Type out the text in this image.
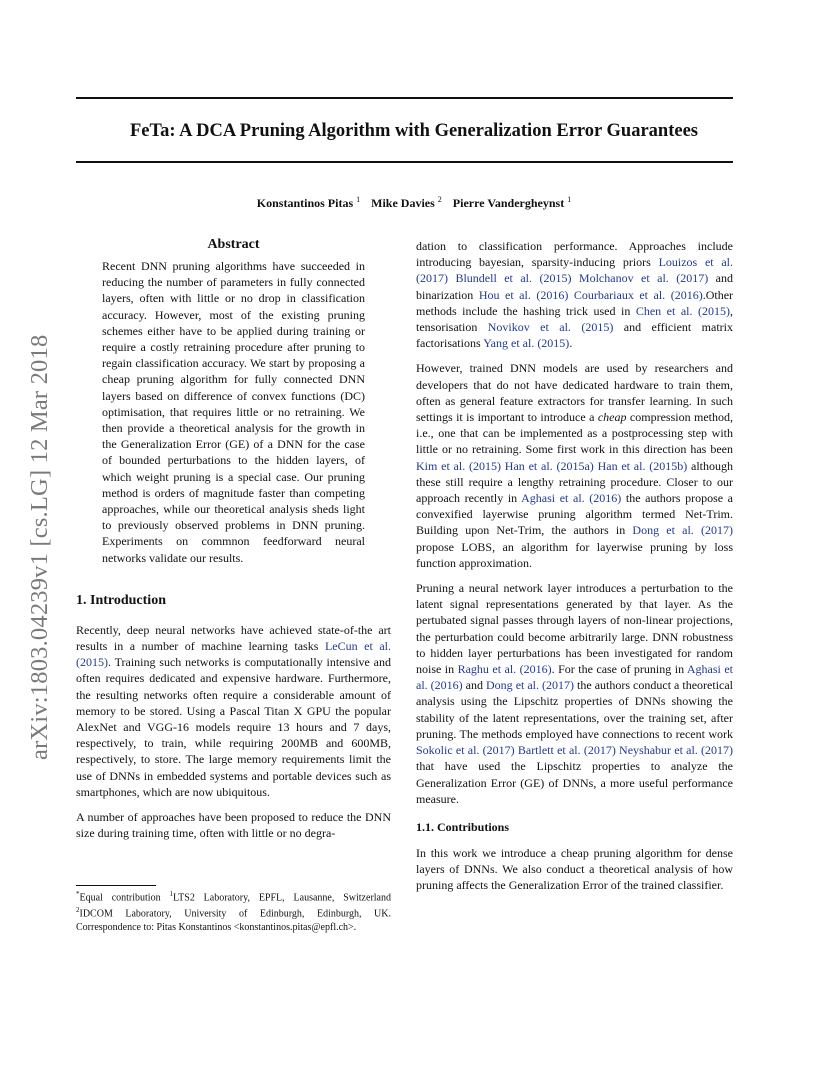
FeTa: A DCA Pruning Algorithm with Generalization Error Guarantees
Konstantinos Pitas $^1$ Mike Davies $^2$ Pierre Vandergheynst $^1$
arXiv:1803.04239v1 [cs.LG] 12 Mar 2018
Abstract

Recent DNN pruning algorithms have succeeded in reducing the number of parameters in fully connected layers, often with little or no drop in classification accuracy. However, most of the existing pruning schemes either have to be applied during training or require a costly retraining procedure after pruning to regain classification accuracy. We start by proposing a cheap pruning algorithm for fully connected DNN layers based on difference of convex functions (DC) optimisation, that requires little or no retraining. We then provide a theoretical analysis for the growth in the Generalization Error (GE) of a DNN for the case of bounded perturbations to the hidden layers, of which weight pruning is a special case. Our pruning method is orders of magnitude faster than competing approaches, while our theoretical analysis sheds light to previously observed problems in DNN pruning. Experiments on commnon feedforward neural networks validate our results.

1. Introduction

Recently, deep neural networks have achieved state-of-the art results in a number of machine learning tasks LeCun et al. (2015). Training such networks is computationally intensive and often requires dedicated and expensive hardware. Furthermore, the resulting networks often require a considerable amount of memory to be stored. Using a Pascal Titan X GPU the popular AlexNet and VGG-16 models require 13 hours and 7 days, respectively, to train, while requiring 200MB and 600MB, respectively, to store. The large memory requirements limit the use of DNNs in embedded systems and portable devices such as smartphones, which are now ubiquitous.

A number of approaches have been proposed to reduce the DNN size during training time, often with little or no degra-

*Equal contribution $^1$LTS2 Laboratory, EPFL, Lausanne, Switzerland $^2$IDCOM Laboratory, University of Edinburgh, Edinburgh, UK. Correspondence to: Pitas Konstantinos <konstantinos.pitas@epfl.ch>.

dation to classification performance. Approaches include introducing bayesian, sparsity-inducing priors Louizos et al. (2017) Blundell et al. (2015) Molchanov et al. (2017) and binarization Hou et al. (2016) Courbariaux et al. (2016).Other methods include the hashing trick used in Chen et al. (2015), tensorisation Novikov et al. (2015) and efficient matrix factorisations Yang et al. (2015).

However, trained DNN models are used by researchers and developers that do not have dedicated hardware to train them, often as general feature extractors for transfer learning. In such settings it is important to introduce a cheap compression method, i.e., one that can be implemented as a postprocessing step with little or no retraining. Some first work in this direction has been Kim et al. (2015) Han et al. (2015a) Han et al. (2015b) although these still require a lengthy retraining procedure. Closer to our approach recently in Aghasi et al. (2016) the authors propose a convexified layerwise pruning algorithm termed Net-Trim. Building upon Net-Trim, the authors in Dong et al. (2017) propose LOBS, an algorithm for layerwise pruning by loss function approximation.

Pruning a neural network layer introduces a perturbation to the latent signal representations generated by that layer. As the pertubated signal passes through layers of non-linear projections, the perturbation could become arbitrarily large. DNN robustness to hidden layer perturbations has been investigated for random noise in Raghu et al. (2016). For the case of pruning in Aghasi et al. (2016) and Dong et al. (2017) the authors conduct a theoretical analysis using the Lipschitz properties of DNNs showing the stability of the latent representations, over the training set, after pruning. The methods employed have connections to recent work Sokolic et al. (2017) Bartlett et al. (2017) Neyshabur et al. (2017) that have used the Lipschitz properties to analyze the Generalization Error (GE) of DNNs, a more useful performance measure.

1.1. Contributions

In this work we introduce a cheap pruning algorithm for dense layers of DNNs. We also conduct a theoretical analysis of how pruning affects the Generalization Error of the trained classifier.
